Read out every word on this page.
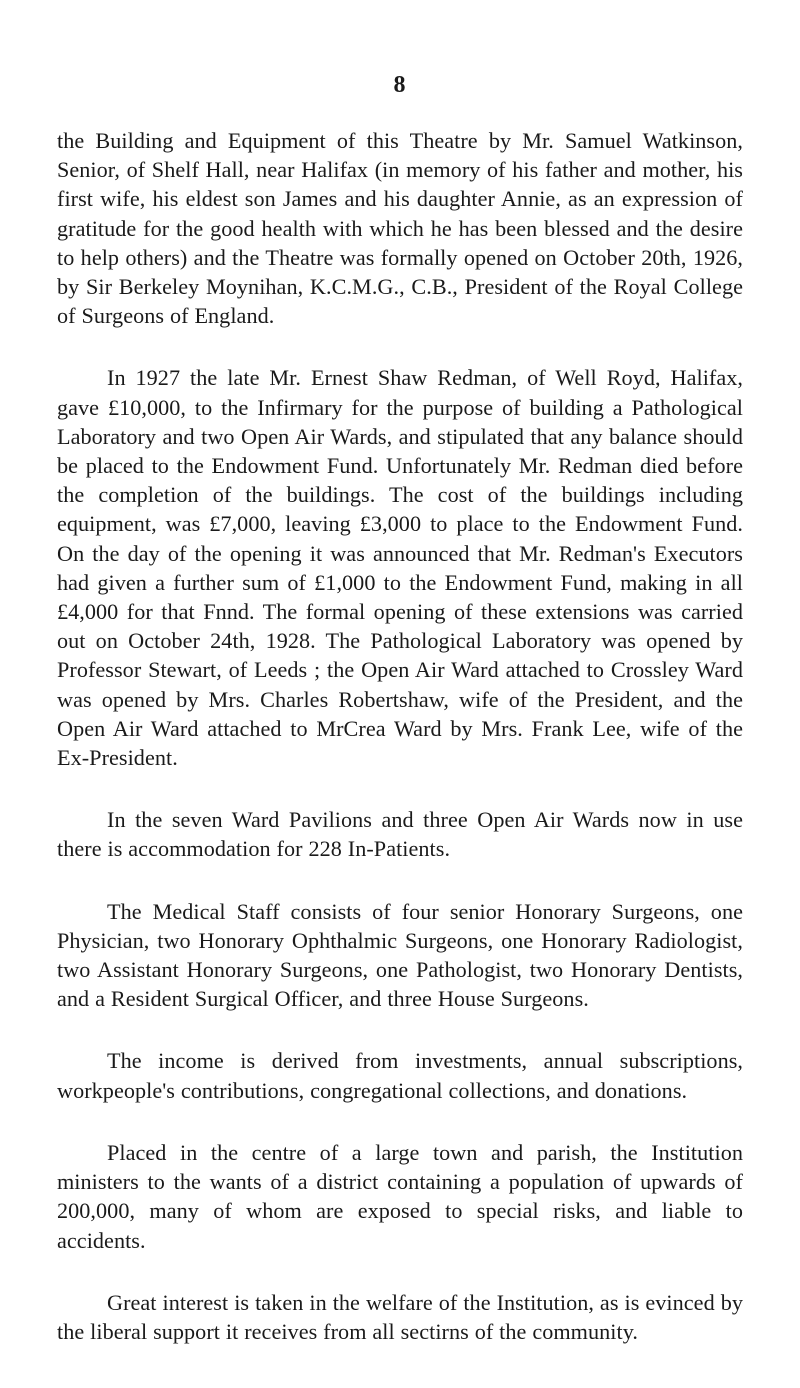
8

the Building and Equipment of this Theatre by Mr. Samuel Watkinson, Senior, of Shelf Hall, near Halifax (in memory of his father and mother, his first wife, his eldest son James and his daughter Annie, as an expression of gratitude for the good health with which he has been blessed and the desire to help others) and the Theatre was formally opened on October 20th, 1926, by Sir Berkeley Moynihan, K.C.M.G., C.B., President of the Royal College of Surgeons of England.

In 1927 the late Mr. Ernest Shaw Redman, of Well Royd, Halifax, gave £10,000, to the Infirmary for the purpose of building a Pathological Laboratory and two Open Air Wards, and stipulated that any balance should be placed to the Endowment Fund. Unfortunately Mr. Redman died before the completion of the buildings. The cost of the buildings including equipment, was £7,000, leaving £3,000 to place to the Endowment Fund. On the day of the opening it was announced that Mr. Redman's Executors had given a further sum of £1,000 to the Endowment Fund, making in all £4,000 for that Fnnd. The formal opening of these extensions was carried out on October 24th, 1928. The Pathological Laboratory was opened by Professor Stewart, of Leeds ; the Open Air Ward attached to Crossley Ward was opened by Mrs. Charles Robertshaw, wife of the President, and the Open Air Ward attached to MrCrea Ward by Mrs. Frank Lee, wife of the Ex-President.

In the seven Ward Pavilions and three Open Air Wards now in use there is accommodation for 228 In-Patients.

The Medical Staff consists of four senior Honorary Surgeons, one Physician, two Honorary Ophthalmic Surgeons, one Honorary Radiologist, two Assistant Honorary Surgeons, one Pathologist, two Honorary Dentists, and a Resident Surgical Officer, and three House Surgeons.

The income is derived from investments, annual subscriptions, workpeople's contributions, congregational collections, and donations.

Placed in the centre of a large town and parish, the Institution ministers to the wants of a district containing a population of upwards of 200,000, many of whom are exposed to special risks, and liable to accidents.

Great interest is taken in the welfare of the Institution, as is evinced by the liberal support it receives from all sectirns of the community.
